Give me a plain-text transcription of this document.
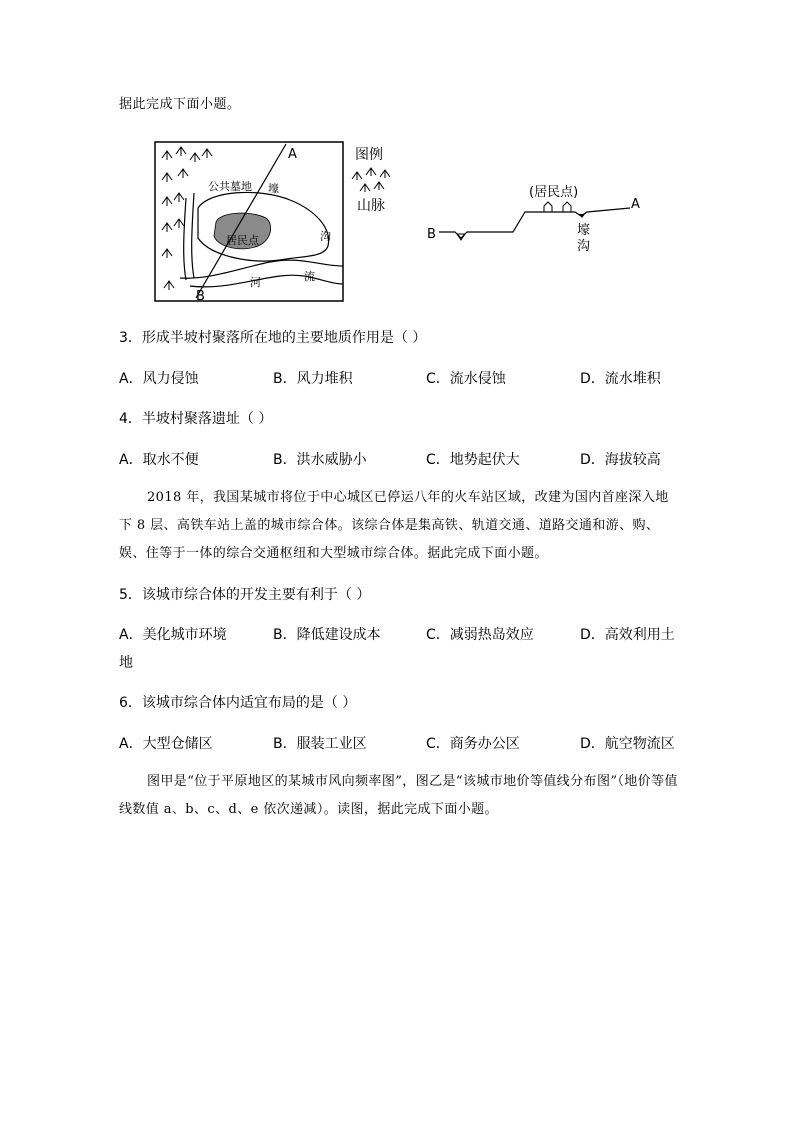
据此完成下面小题。
A
B
公共墓地
居民点
壕
沟
河	流
图例
山脉
(居民点)
A
B	壕
沟
3．形成半坡村聚落所在地的主要地质作用是（ ）
A．风力侵蚀	B．风力堆积	C．流水侵蚀	D．流水堆积
4．半坡村聚落遗址（ ）
A．取水不便	B．洪水威胁小	C．地势起伏大	D．海拔较高

2018 年，我国某城市将位于中心城区已停运八年的火车站区域，改建为国内首座深入地下 8 层、高铁车站上盖的城市综合体。该综合体是集高铁、轨道交通、道路交通和游、购、娱、住等于一体的综合交通枢纽和大型城市综合体。据此完成下面小题。

5．该城市综合体的开发主要有利于（ ）
A．美化城市环境	B．降低建设成本	C．减弱热岛效应	D．高效利用土
地
6．该城市综合体内适宜布局的是（ ）
A．大型仓储区	B．服装工业区	C．商务办公区	D．航空物流区

图甲是“位于平原地区的某城市风向频率图”，图乙是“该城市地价等值线分布图”（地价等值线数值 a、b、c、d、e 依次递减）。读图，据此完成下面小题。
